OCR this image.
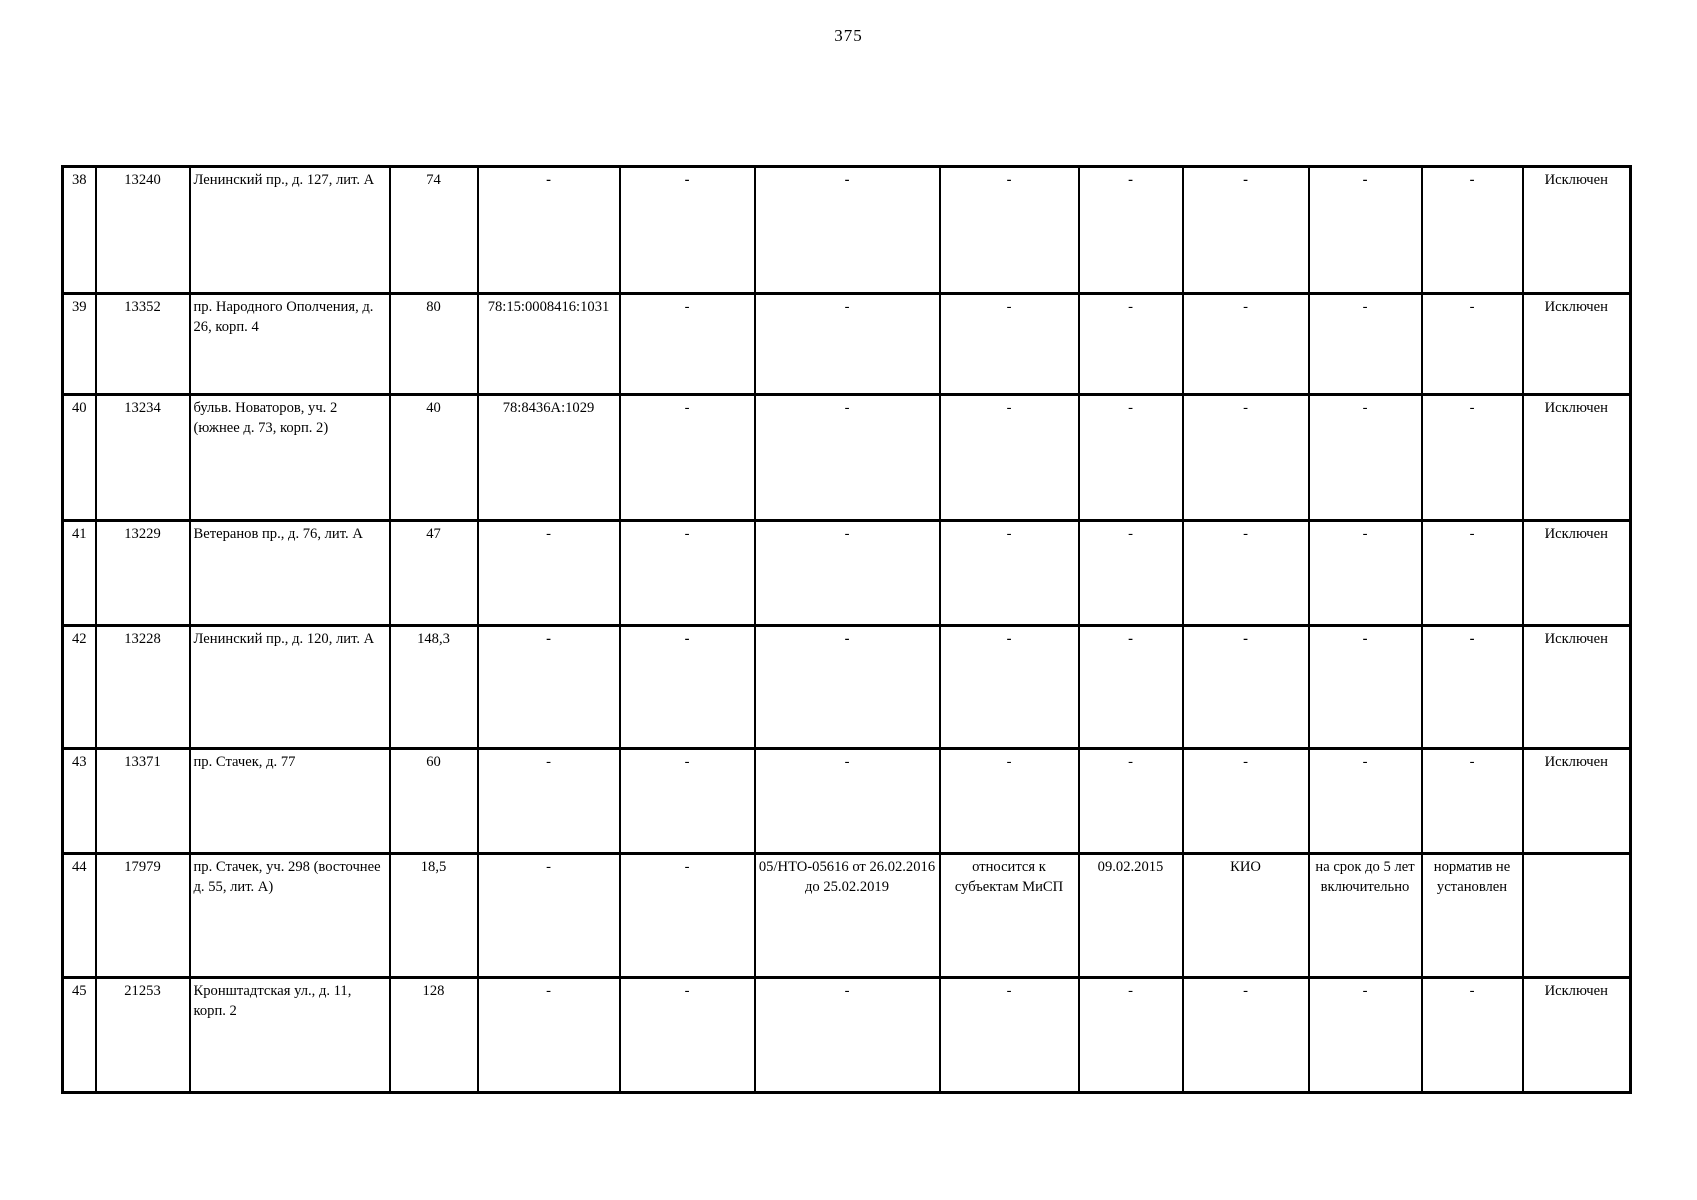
375
38	13240	Ленинский пр., д. 127, лит. А	74	-	-	-	-	-	-	-	-	Исключен
39	13352	пр. Народного Ополчения, д. 26, корп. 4	80	78:15:0008416:1031	-	-	-	-	-	-	-	Исключен
40	13234	бульв. Новаторов, уч. 2 (южнее д. 73, корп. 2)	40	78:8436А:1029	-	-	-	-	-	-	-	Исключен
41	13229	Ветеранов пр., д. 76, лит. А	47	-	-	-	-	-	-	-	-	Исключен
42	13228	Ленинский пр., д. 120, лит. А	148,3	-	-	-	-	-	-	-	-	Исключен
43	13371	пр. Стачек, д. 77	60	-	-	-	-	-	-	-	-	Исключен
44	17979	пр. Стачек, уч. 298 (восточнее д. 55, лит. А)	18,5	-	-	05/НТО-05616 от 26.02.2016 до 25.02.2019	относится к субъектам МиСП	09.02.2015	КИО	на срок до 5 лет включительно	норматив не установлен	
45	21253	Кронштадтская ул., д. 11, корп. 2	128	-	-	-	-	-	-	-	-	Исключен
